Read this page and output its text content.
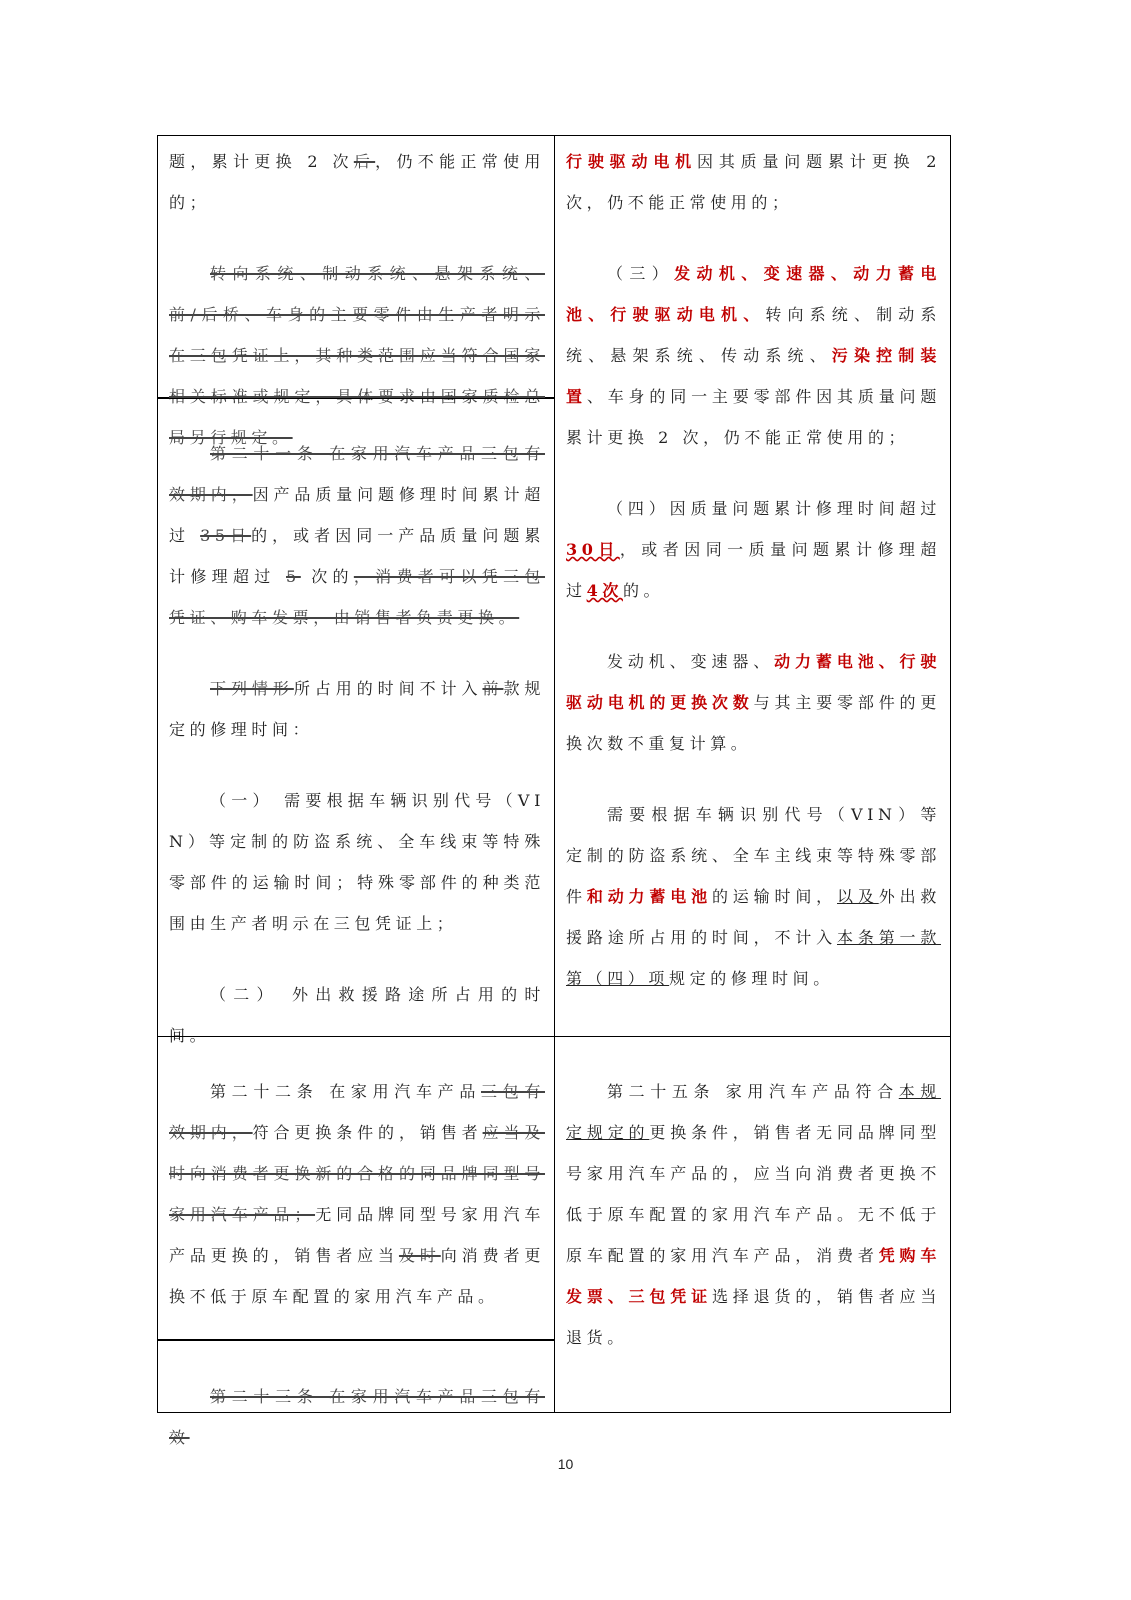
题，累计更换 2 次后，仍不能正常使用的；

转向系统、制动系统、悬架系统、前/后桥、车身的主要零件由生产者明示在三包凭证上，其种类范围应当符合国家相关标准或规定，具体要求由国家质检总局另行规定。

第二十一条 在家用汽车产品三包有效期内，因产品质量问题修理时间累计超过 35日的，或者因同一产品质量问题累计修理超过 5 次的，消费者可以凭三包凭证、购车发票，由销售者负责更换。

下列情形所占用的时间不计入前款规定的修理时间：

（一） 需要根据车辆识别代号（VIN）等定制的防盗系统、全车线束等特殊零部件的运输时间；特殊零部件的种类范围由生产者明示在三包凭证上；

（二） 外出救援路途所占用的时间。

行驶驱动电机因其质量问题累计更换 2 次，仍不能正常使用的；

（三）发动机、变速器、动力蓄电池、行驶驱动电机、转向系统、制动系统、悬架系统、传动系统、污染控制装置、车身的同一主要零部件因其质量问题累计更换 2 次，仍不能正常使用的；

（四）因质量问题累计修理时间超过30日，或者因同一质量问题累计修理超过4次的。

发动机、变速器、动力蓄电池、行驶驱动电机的更换次数与其主要零部件的更换次数不重复计算。

需要根据车辆识别代号（VIN）等定制的防盗系统、全车主线束等特殊零部件和动力蓄电池的运输时间，以及外出救援路途所占用的时间，不计入本条第一款第（四）项规定的修理时间。

第二十二条 在家用汽车产品三包有效期内，符合更换条件的，销售者应当及时向消费者更换新的合格的同品牌同型号家用汽车产品；无同品牌同型号家用汽车产品更换的，销售者应当及时向消费者更换不低于原车配置的家用汽车产品。

第二十五条 家用汽车产品符合本规定规定的更换条件，销售者无同品牌同型号家用汽车产品的，应当向消费者更换不低于原车配置的家用汽车产品。无不低于原车配置的家用汽车产品，消费者凭购车发票、三包凭证选择退货的，销售者应当退货。

第二十三条 在家用汽车产品三包有效

10
